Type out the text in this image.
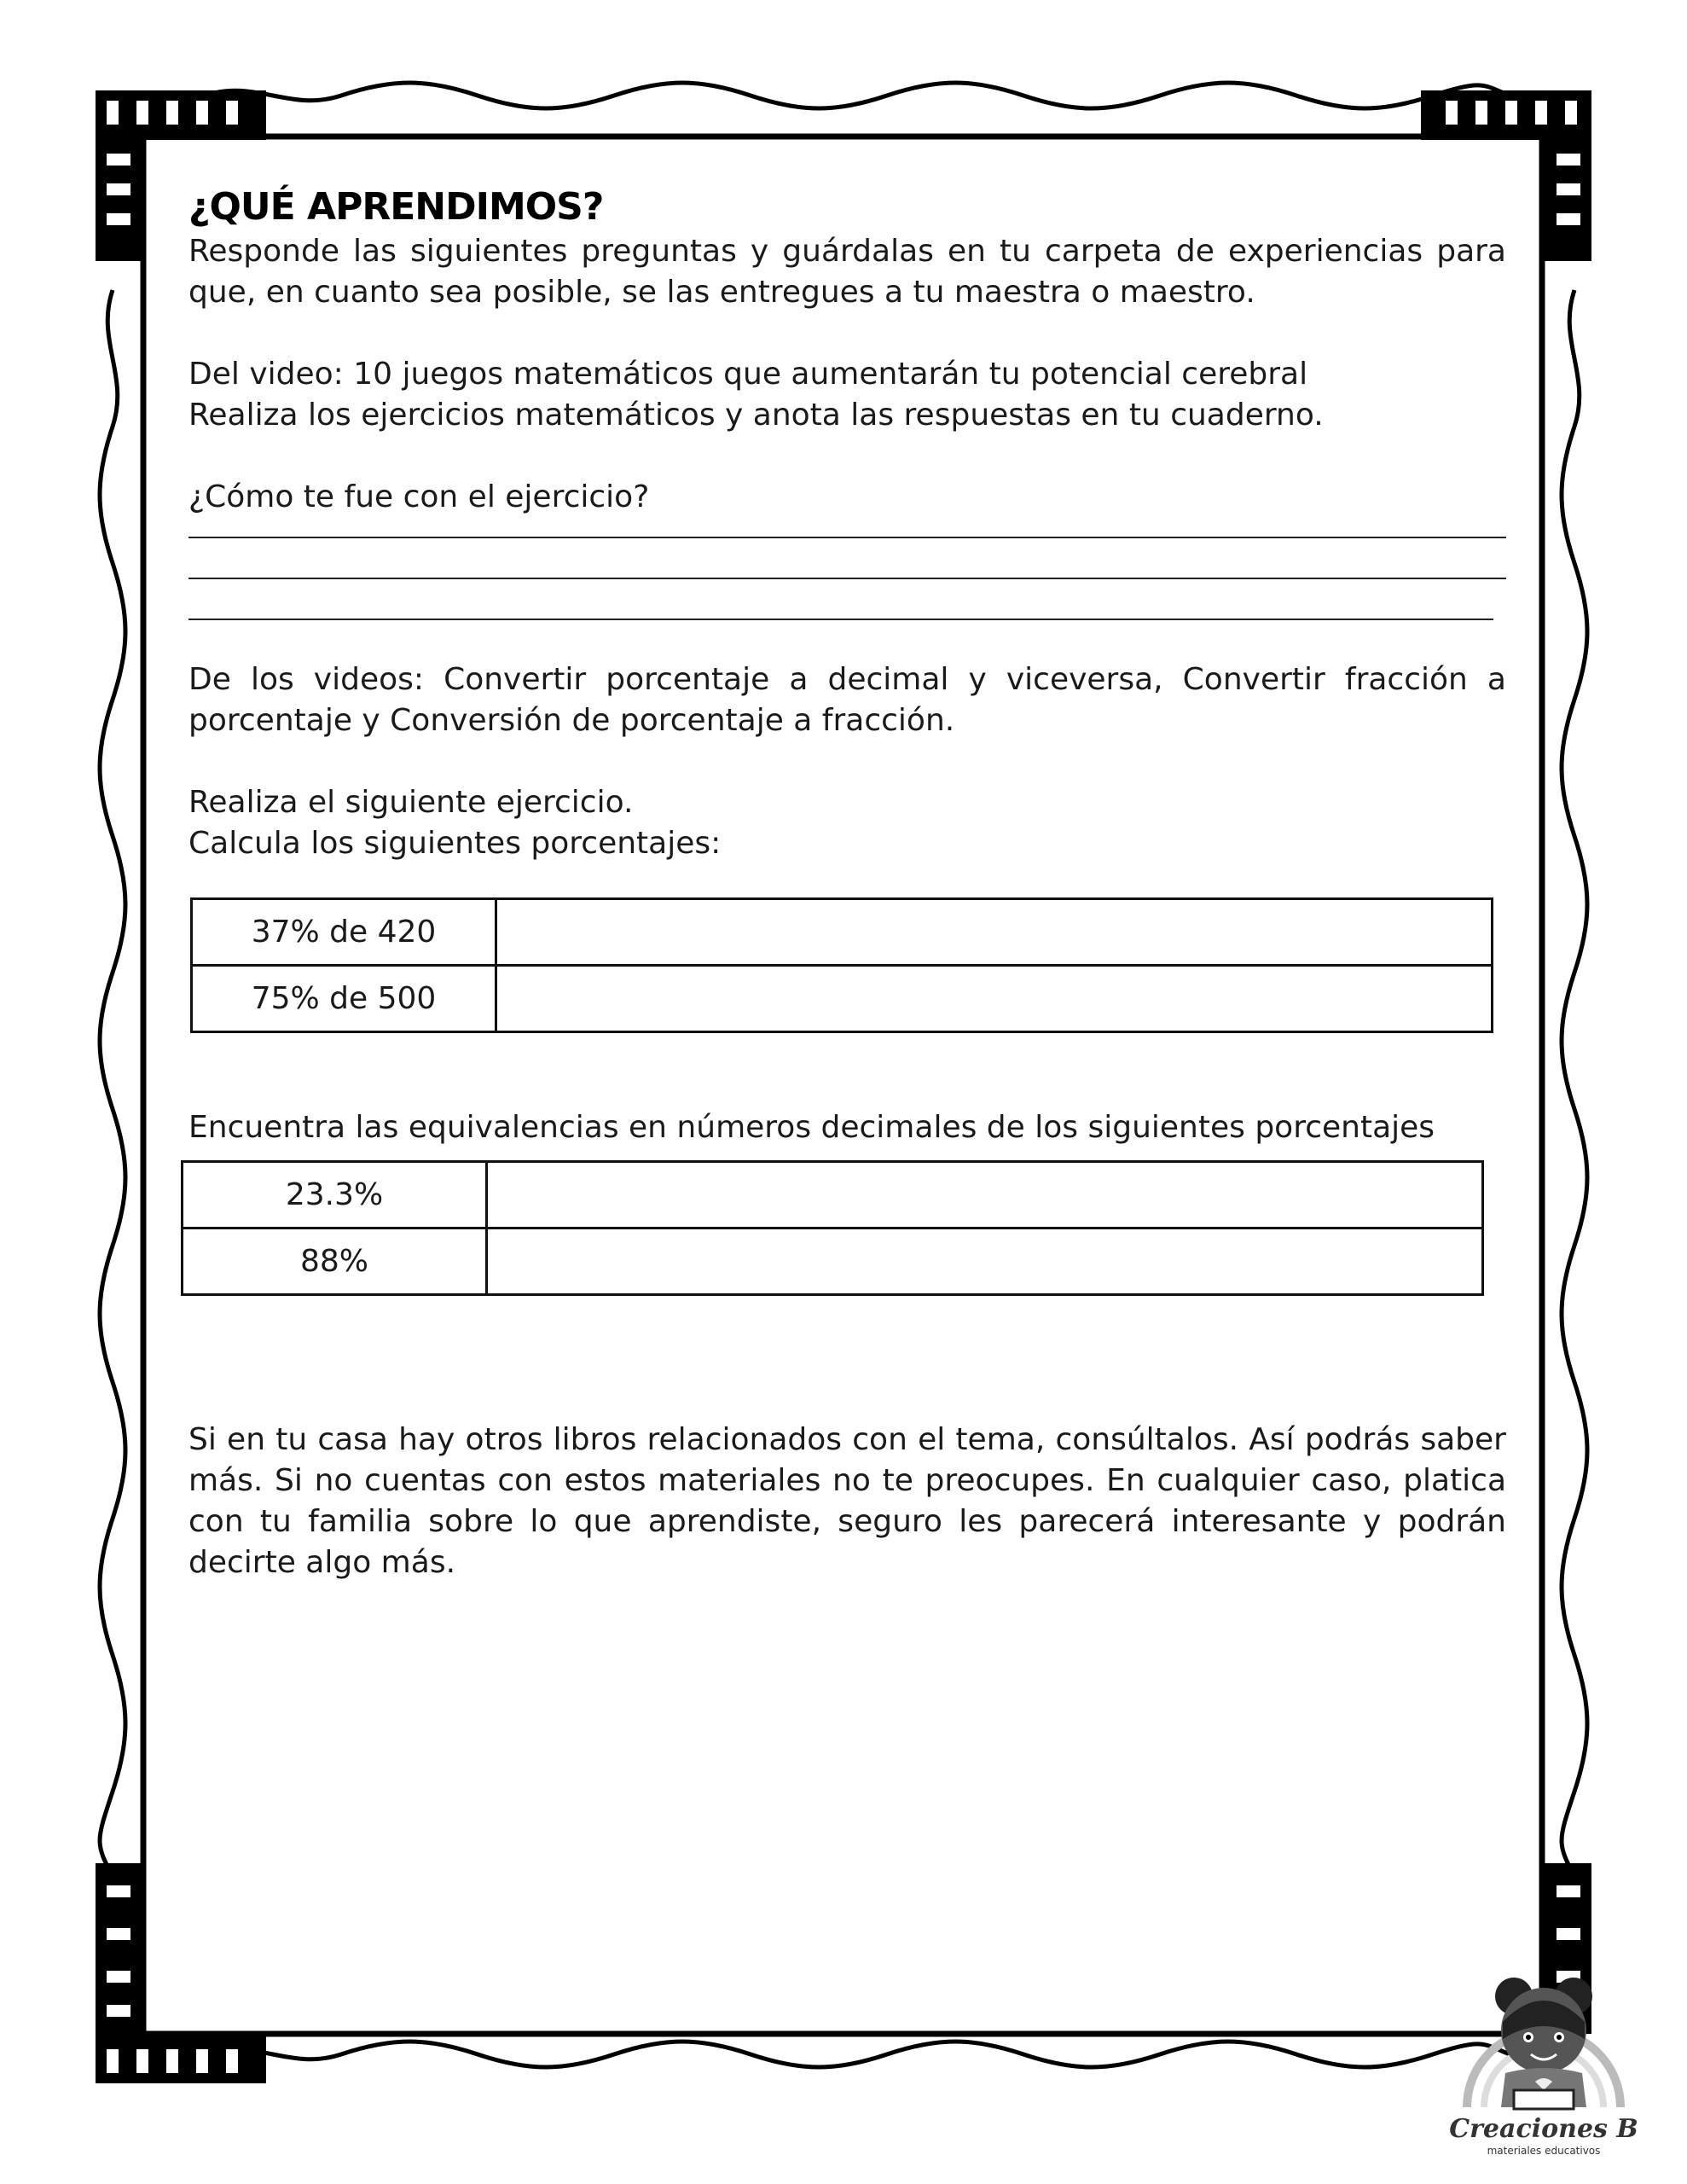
¿QUÉ APRENDIMOS?

Responde las siguientes preguntas y guárdalas en tu carpeta de experiencias para que, en cuanto sea posible, se las entregues a tu maestra o maestro.

Del video: 10 juegos matemáticos que aumentarán tu potencial cerebral

Realiza los ejercicios matemáticos y anota las respuestas en tu cuaderno.

¿Cómo te fue con el ejercicio?

De los videos: Convertir porcentaje a decimal y viceversa, Convertir fracción a porcentaje y Conversión de porcentaje a fracción.

Realiza el siguiente ejercicio.

Calcula los siguientes porcentajes:

37% de 420	
75% de 500	

Encuentra las equivalencias en números decimales de los siguientes porcentajes

23.3%	
88%	

Si en tu casa hay otros libros relacionados con el tema, consúltalos. Así podrás saber más. Si no cuentas con estos materiales no te preocupes. En cualquier caso, platica con tu familia sobre lo que aprendiste, seguro les parecerá interesante y podrán decirte algo más.

Creaciones B
materiales educativos
